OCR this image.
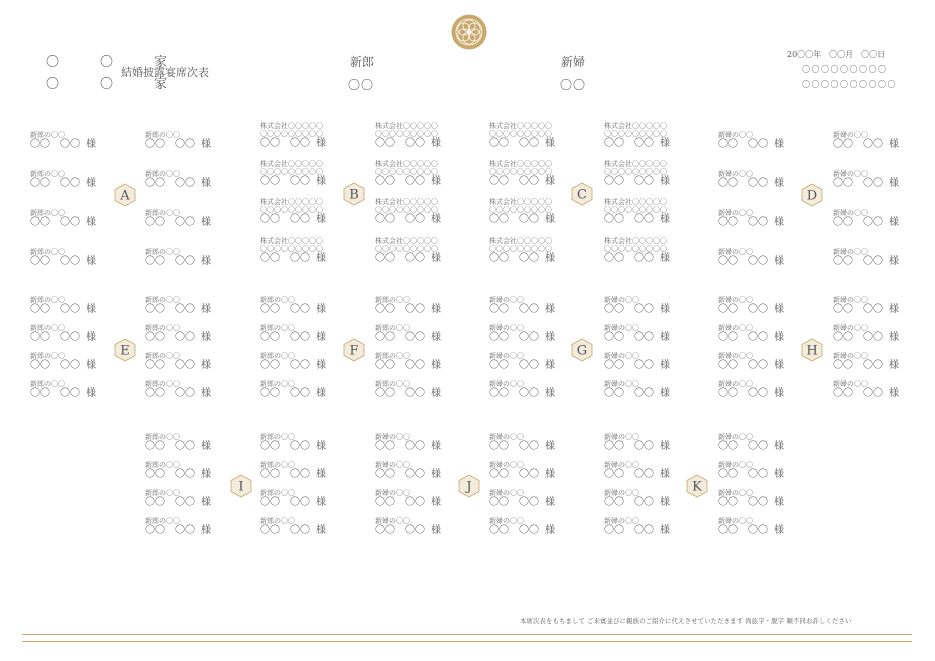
〇　〇　家
〇　〇　家
結婚披露宴席次表
新郎
〇〇
新婦
〇〇
20〇〇年　〇〇月　〇〇日
〇〇〇〇〇〇〇〇〇
〇〇〇〇〇〇〇〇〇〇
新郎の〇〇
〇〇 〇〇 様
新郎の〇〇
〇〇 〇〇 様
新郎の〇〇
〇〇 〇〇 様
新郎の〇〇
〇〇 〇〇 様
新郎の〇〇
〇〇 〇〇 様
新郎の〇〇
〇〇 〇〇 様
新郎の〇〇
〇〇 〇〇 様
新郎の〇〇
〇〇 〇〇 様
A
株式会社〇〇〇〇〇
〇〇〇〇〇〇〇〇〇
〇〇 〇〇 様
株式会社〇〇〇〇〇
〇〇〇〇〇〇〇〇〇
〇〇 〇〇 様
株式会社〇〇〇〇〇
〇〇〇〇〇〇〇〇〇
〇〇 〇〇 様
株式会社〇〇〇〇〇
〇〇〇〇〇〇〇〇〇
〇〇 〇〇 様
株式会社〇〇〇〇〇
〇〇〇〇〇〇〇〇〇
〇〇 〇〇 様
株式会社〇〇〇〇〇
〇〇〇〇〇〇〇〇〇
〇〇 〇〇 様
株式会社〇〇〇〇〇
〇〇〇〇〇〇〇〇〇
〇〇 〇〇 様
株式会社〇〇〇〇〇
〇〇〇〇〇〇〇〇〇
〇〇 〇〇 様
B
株式会社〇〇〇〇〇
〇〇〇〇〇〇〇〇〇
〇〇 〇〇 様
株式会社〇〇〇〇〇
〇〇〇〇〇〇〇〇〇
〇〇 〇〇 様
株式会社〇〇〇〇〇
〇〇〇〇〇〇〇〇〇
〇〇 〇〇 様
株式会社〇〇〇〇〇
〇〇〇〇〇〇〇〇〇
〇〇 〇〇 様
株式会社〇〇〇〇〇
〇〇〇〇〇〇〇〇〇
〇〇 〇〇 様
株式会社〇〇〇〇〇
〇〇〇〇〇〇〇〇〇
〇〇 〇〇 様
株式会社〇〇〇〇〇
〇〇〇〇〇〇〇〇〇
〇〇 〇〇 様
株式会社〇〇〇〇〇
〇〇〇〇〇〇〇〇〇
〇〇 〇〇 様
C
新婦の〇〇
〇〇 〇〇 様
新婦の〇〇
〇〇 〇〇 様
新婦の〇〇
〇〇 〇〇 様
新婦の〇〇
〇〇 〇〇 様
新婦の〇〇
〇〇 〇〇 様
新婦の〇〇
〇〇 〇〇 様
新婦の〇〇
〇〇 〇〇 様
新婦の〇〇
〇〇 〇〇 様
D
新郎の〇〇
〇〇 〇〇 様
新郎の〇〇
〇〇 〇〇 様
新郎の〇〇
〇〇 〇〇 様
新郎の〇〇
〇〇 〇〇 様
新郎の〇〇
〇〇 〇〇 様
新郎の〇〇
〇〇 〇〇 様
新郎の〇〇
〇〇 〇〇 様
新郎の〇〇
〇〇 〇〇 様
E
新郎の〇〇
〇〇 〇〇 様
新郎の〇〇
〇〇 〇〇 様
新郎の〇〇
〇〇 〇〇 様
新郎の〇〇
〇〇 〇〇 様
新郎の〇〇
〇〇 〇〇 様
新郎の〇〇
〇〇 〇〇 様
新郎の〇〇
〇〇 〇〇 様
新郎の〇〇
〇〇 〇〇 様
F
新婦の〇〇
〇〇 〇〇 様
新婦の〇〇
〇〇 〇〇 様
新婦の〇〇
〇〇 〇〇 様
新婦の〇〇
〇〇 〇〇 様
新婦の〇〇
〇〇 〇〇 様
新婦の〇〇
〇〇 〇〇 様
新婦の〇〇
〇〇 〇〇 様
新婦の〇〇
〇〇 〇〇 様
G
新婦の〇〇
〇〇 〇〇 様
新婦の〇〇
〇〇 〇〇 様
新婦の〇〇
〇〇 〇〇 様
新婦の〇〇
〇〇 〇〇 様
新婦の〇〇
〇〇 〇〇 様
新婦の〇〇
〇〇 〇〇 様
新婦の〇〇
〇〇 〇〇 様
新婦の〇〇
〇〇 〇〇 様
H
新郎の〇〇
〇〇 〇〇 様
新郎の〇〇
〇〇 〇〇 様
新郎の〇〇
〇〇 〇〇 様
新郎の〇〇
〇〇 〇〇 様
新郎の〇〇
〇〇 〇〇 様
新郎の〇〇
〇〇 〇〇 様
新郎の〇〇
〇〇 〇〇 様
新郎の〇〇
〇〇 〇〇 様
I
新婦の〇〇
〇〇 〇〇 様
新婦の〇〇
〇〇 〇〇 様
新婦の〇〇
〇〇 〇〇 様
新婦の〇〇
〇〇 〇〇 様
新婦の〇〇
〇〇 〇〇 様
新婦の〇〇
〇〇 〇〇 様
新婦の〇〇
〇〇 〇〇 様
新婦の〇〇
〇〇 〇〇 様
J
新婦の〇〇
〇〇 〇〇 様
新婦の〇〇
〇〇 〇〇 様
新婦の〇〇
〇〇 〇〇 様
新婦の〇〇
〇〇 〇〇 様
新婦の〇〇
〇〇 〇〇 様
新婦の〇〇
〇〇 〇〇 様
新婦の〇〇
〇〇 〇〇 様
新婦の〇〇
〇〇 〇〇 様
K
本席次表をもちまして ご来賓並びに親族のご紹介に代えさせていただきます 尚旅字・脱字 順不同お許しください
